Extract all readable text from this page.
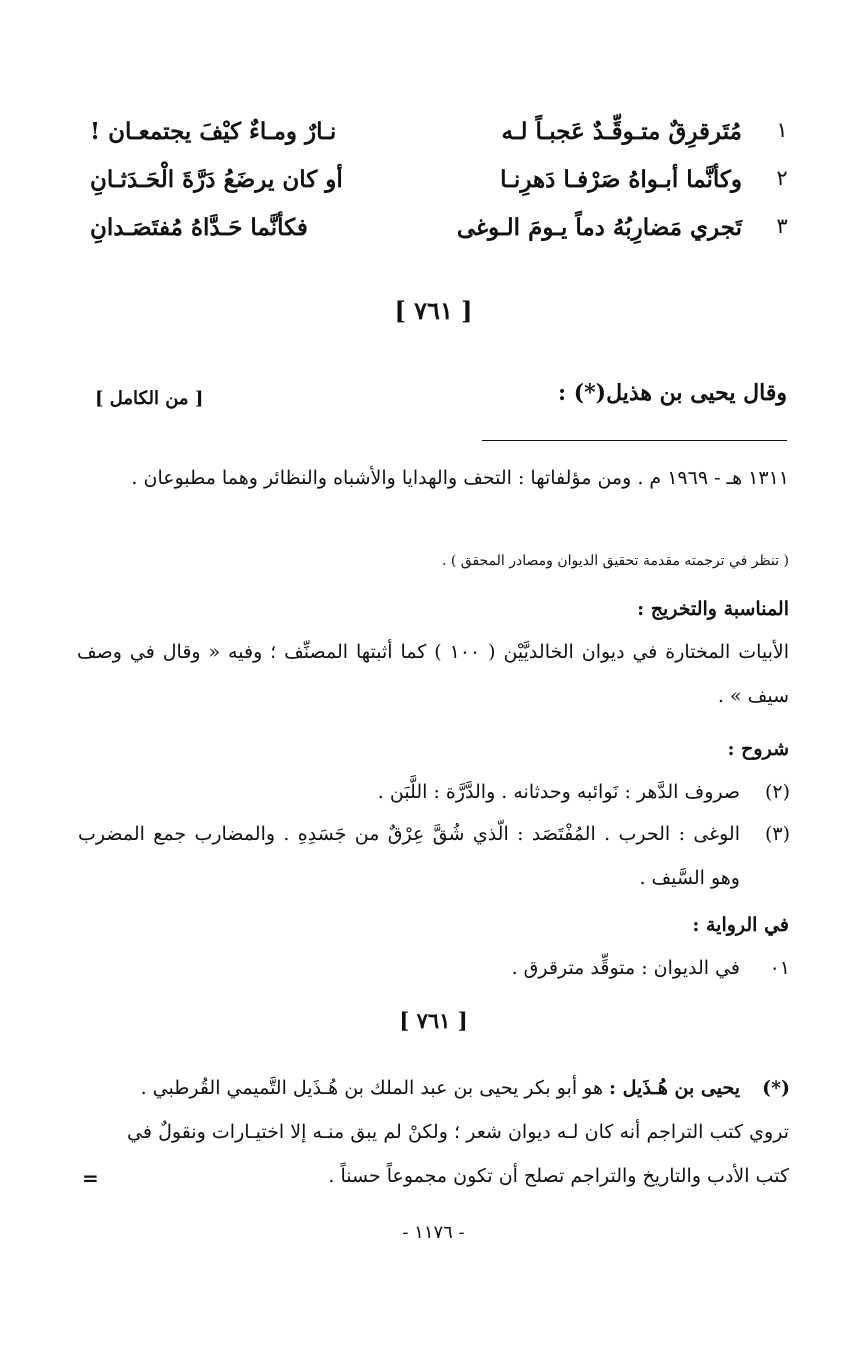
١
مُتَرقرِقٌ متـوقِّـدٌ عَجبـاً لـه
نـارٌ ومـاءٌ كيْفَ يجتمعـان !
٢
وكأنَّما أبـواهُ صَرْفـا دَهرِنـا
أو كان يرضَعُ دَرَّةَ الْحَـدَثـانِ
٣
تَجري مَضارِبُهُ دماً يـومَ الـوغى
فكأنَّما حَـدَّاهُ مُفتَصَـدانِ
[ ٧٦١ ]
وقال يحيى بن هذيل(*) :
[ من الكامل ]
١٣١١ هـ - ١٩٦٩ م . ومن مؤلفاتها : التحف والهدايا والأشباه والنظائر وهما مطبوعان .
( تنظر في ترجمته مقدمة تحقيق الديوان ومصادر المحقق ) .
المناسبة والتخريج :
الأبيات المختارة في ديوان الخالديَّيْن ( ١٠٠ ) كما أثبتها المصنِّف ؛ وفيه « وقال في وصف سيف » .
شروح :
(٢)
صروف الدَّهر : نَوائبه وحدثانه . والدَّرَّة : اللَّبَن .
(٣)
الوغى : الحرب . المُفْتَصَد : الّذي شُقَّ عِرْقٌ من جَسَدِهِ . والمضارب جمع المضرب وهو السَّيف .
في الرواية :
٠١
في الديوان : متوقِّد مترقرق .
[ ٧٦١ ]
(*)
يحيى بن هُـذَيل : هو أبو بكر يحيى بن عبد الملك بن هُـذَيل التَّميمي القُرطبي .
تروي كتب التراجم أنه كان لـه ديوان شعر ؛ ولكنْ لم يبق منـه إلا اختيـارات ونقولٌ في كتب الأدب والتاريخ والتراجم تصلح أن تكون مجموعاً حسناً .
=
- ١١٧٦ -
